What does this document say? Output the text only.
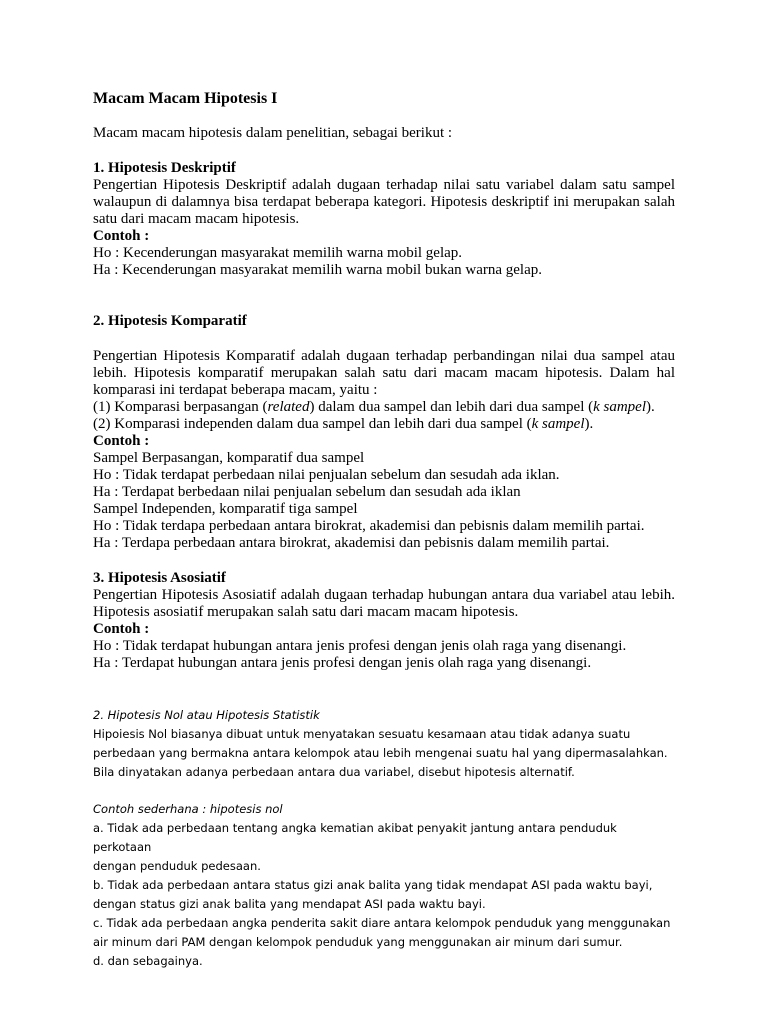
Macam Macam Hipotesis I

Macam macam hipotesis dalam penelitian, sebagai berikut :

1. Hipotesis Deskriptif

Pengertian Hipotesis Deskriptif adalah dugaan terhadap nilai satu variabel dalam satu sampel walaupun di dalamnya bisa terdapat beberapa kategori. Hipotesis deskriptif ini merupakan salah satu dari macam macam hipotesis.

Contoh :

Ho : Kecenderungan masyarakat memilih warna mobil gelap.

Ha : Kecenderungan masyarakat memilih warna mobil bukan warna gelap.

2. Hipotesis Komparatif

Pengertian Hipotesis Komparatif adalah dugaan terhadap perbandingan nilai dua sampel atau lebih. Hipotesis komparatif merupakan salah satu dari macam macam hipotesis. Dalam hal komparasi ini terdapat beberapa macam, yaitu :

(1) Komparasi berpasangan (related) dalam dua sampel dan lebih dari dua sampel (k sampel).

(2) Komparasi independen dalam dua sampel dan lebih dari dua sampel (k sampel).

Contoh :

Sampel Berpasangan, komparatif dua sampel

Ho : Tidak terdapat perbedaan nilai penjualan sebelum dan sesudah ada iklan.

Ha : Terdapat berbedaan nilai penjualan sebelum dan sesudah ada iklan

Sampel Independen, komparatif tiga sampel

Ho : Tidak terdapa perbedaan antara birokrat, akademisi dan pebisnis dalam memilih partai.

Ha : Terdapa perbedaan antara birokrat, akademisi dan pebisnis dalam memilih partai.

3. Hipotesis Asosiatif

Pengertian Hipotesis Asosiatif adalah dugaan terhadap hubungan antara dua variabel atau lebih. Hipotesis asosiatif merupakan salah satu dari macam macam hipotesis.

Contoh :

Ho : Tidak terdapat hubungan antara jenis profesi dengan jenis olah raga yang disenangi.

Ha : Terdapat hubungan antara jenis profesi dengan jenis olah raga yang disenangi.

2. Hipotesis Nol atau Hipotesis Statistik

Hipoiesis Nol biasanya dibuat untuk menyatakan sesuatu kesamaan atau tidak adanya suatu

perbedaan yang bermakna antara kelompok atau lebih mengenai suatu hal yang dipermasalahkan.

Bila dinyatakan adanya perbedaan antara dua variabel, disebut hipotesis alternatif.

Contoh sederhana : hipotesis nol

a. Tidak ada perbedaan tentang angka kematian akibat penyakit jantung antara penduduk perkotaan

dengan penduduk pedesaan.

b. Tidak ada perbedaan antara status gizi anak balita yang tidak mendapat ASI pada waktu bayi,

dengan status gizi anak balita yang mendapat ASI pada waktu bayi.

c. Tidak ada perbedaan angka penderita sakit diare antara kelompok penduduk yang menggunakan

air minum dari PAM dengan kelompok penduduk yang menggunakan air minum dari sumur.

d. dan sebagainya.
